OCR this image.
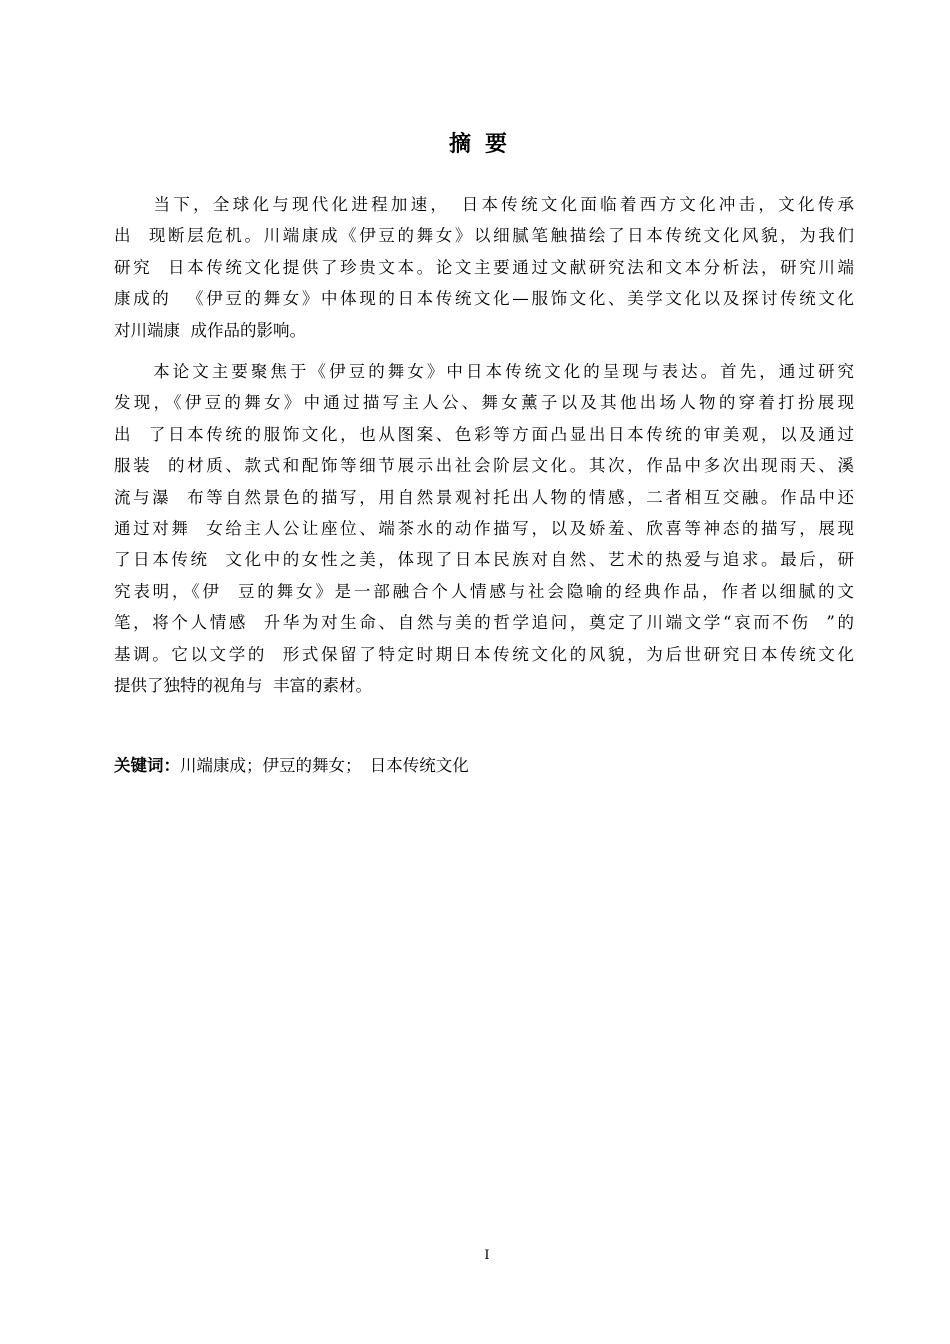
摘 要
　　当下，全球化与现代化进程加速，　日本传统文化面临着西方文化冲击，文化传承
出  现断层危机。川端康成《伊豆的舞女》以细腻笔触描绘了日本传统文化风貌，为我们
研究  日本传统文化提供了珍贵文本。论文主要通过文献研究法和文本分析法，研究川端
康成的  《伊豆的舞女》中体现的日本传统文化—服饰文化、美学文化以及探讨传统文化
对川端康  成作品的影响。
　　本论文主要聚焦于《伊豆的舞女》中日本传统文化的呈现与表达。首先，通过研究
发现，《伊豆的舞女》中通过描写主人公、舞女薰子以及其他出场人物的穿着打扮展现
出  了日本传统的服饰文化，也从图案、色彩等方面凸显出日本传统的审美观，以及通过
服装  的材质、款式和配饰等细节展示出社会阶层文化。其次，作品中多次出现雨天、溪
流与瀑  布等自然景色的描写，用自然景观衬托出人物的情感，二者相互交融。作品中还
通过对舞  女给主人公让座位、端茶水的动作描写，以及娇羞、欣喜等神态的描写，展现
了日本传统  文化中的女性之美，体现了日本民族对自然、艺术的热爱与追求。最后，研
究表明，《伊  豆的舞女》是一部融合个人情感与社会隐喻的经典作品，作者以细腻的文
笔，将个人情感  升华为对生命、自然与美的哲学追问，奠定了川端文学“哀而不伤  ”的
基调。它以文学的  形式保留了特定时期日本传统文化的风貌，为后世研究日本传统文化
提供了独特的视角与  丰富的素材。
关键词：川端康成；伊豆的舞女；　日本传统文化
I
